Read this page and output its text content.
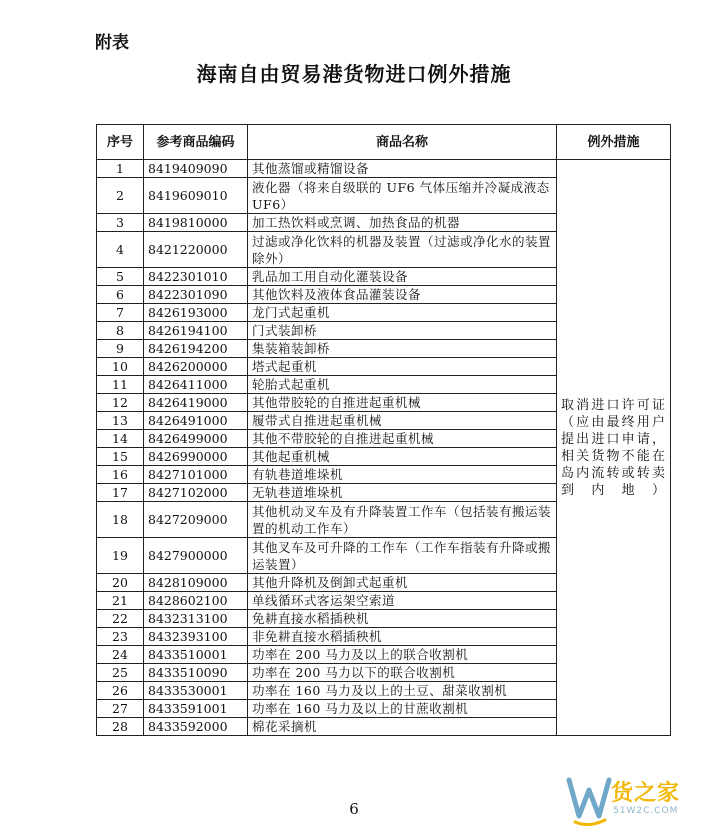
附表
海南自由贸易港货物进口例外措施
序号	参考商品编码	商品名称	例外措施
1	8419409090	其他蒸馏或精馏设备	取消进口许可证（应由最终用户提出进口申请，相关货物不能在岛内流转或转卖到内地）
2	8419609010	液化器（将来自级联的 UF6 气体压缩并冷凝成液态 UF6）	
3	8419810000	加工热饮料或烹调、加热食品的机器	
4	8421220000	过滤或净化饮料的机器及装置（过滤或净化水的装置除外）	
5	8422301010	乳品加工用自动化灌装设备	
6	8422301090	其他饮料及液体食品灌装设备	
7	8426193000	龙门式起重机	
8	8426194100	门式装卸桥	
9	8426194200	集装箱装卸桥	
10	8426200000	塔式起重机	
11	8426411000	轮胎式起重机	
12	8426419000	其他带胶轮的自推进起重机械	
13	8426491000	履带式自推进起重机械	
14	8426499000	其他不带胶轮的自推进起重机械	
15	8426990000	其他起重机械	
16	8427101000	有轨巷道堆垛机	
17	8427102000	无轨巷道堆垛机	
18	8427209000	其他机动叉车及有升降装置工作车（包括装有搬运装置的机动工作车）	
19	8427900000	其他叉车及可升降的工作车（工作车指装有升降或搬运装置）	
20	8428109000	其他升降机及倒卸式起重机	
21	8428602100	单线循环式客运架空索道	
22	8432313100	免耕直接水稻插秧机	
23	8432393100	非免耕直接水稻插秧机	
24	8433510001	功率在 200 马力及以上的联合收割机	
25	8433510090	功率在 200 马力以下的联合收割机	
26	8433530001	功率在 160 马力及以上的土豆、甜菜收割机	
27	8433591001	功率在 160 马力及以上的甘蔗收割机	
28	8433592000	棉花采摘机	
6
货之家
51W2C.COM
